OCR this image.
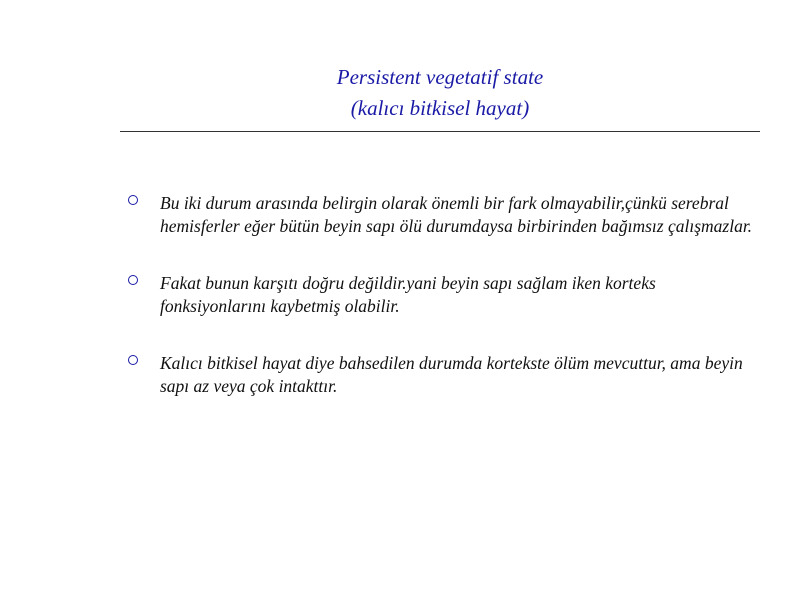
Persistent vegetatif state
(kalıcı bitkisel hayat)
Bu iki durum arasında belirgin olarak önemli bir fark olmayabilir,çünkü serebral hemisferler eğer bütün beyin sapı ölü durumdaysa birbirinden bağımsız çalışmazlar.
Fakat bunun karşıtı doğru değildir.yani beyin sapı sağlam iken korteks fonksiyonlarını kaybetmiş olabilir.
Kalıcı bitkisel hayat diye bahsedilen durumda kortekste ölüm mevcuttur, ama beyin sapı az veya çok intakttır.
